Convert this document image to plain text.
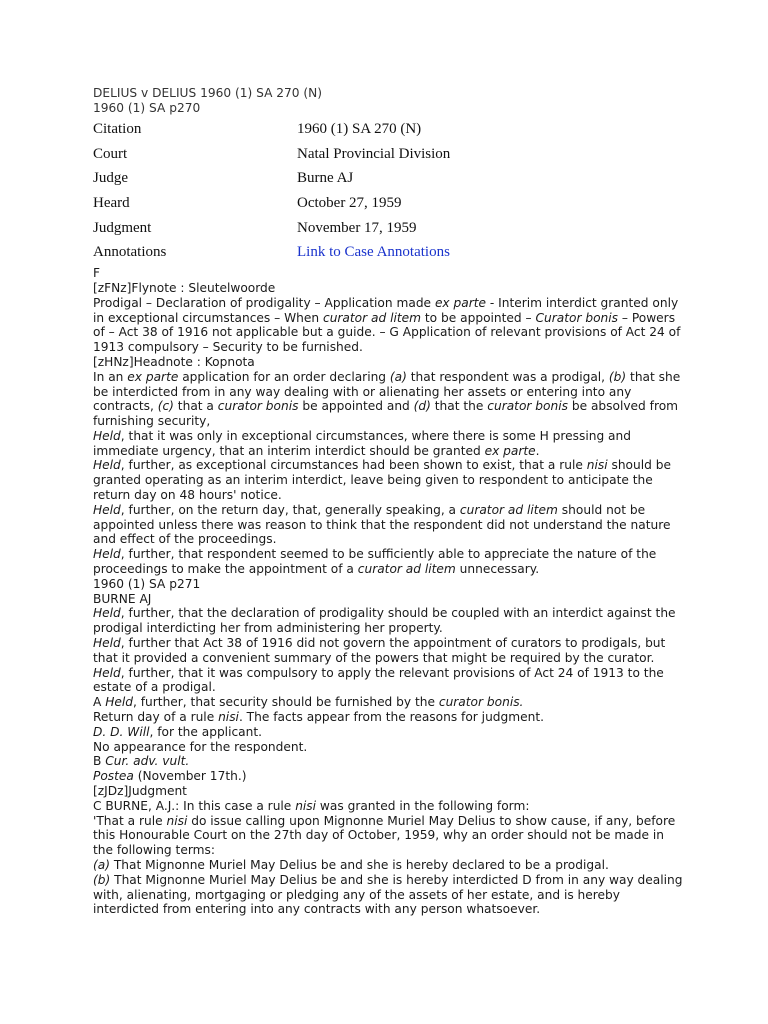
DELIUS v DELIUS 1960 (1) SA 270 (N)
1960 (1) SA p270
Citation	1960 (1) SA 270 (N)
Court	Natal Provincial Division
Judge	Burne AJ
Heard	October 27, 1959
Judgment	November 17, 1959
Annotations	Link to Case Annotations

F

[zFNz]Flynote : Sleutelwoorde

Prodigal – Declaration of prodigality – Application made ex parte - Interim interdict granted only in exceptional circumstances – When curator ad litem to be appointed – Curator bonis – Powers of – Act 38 of 1916 not applicable but a guide. – G Application of relevant provisions of Act 24 of 1913 compulsory – Security to be furnished.

[zHNz]Headnote : Kopnota

In an ex parte application for an order declaring (a) that respondent was a prodigal, (b) that she be interdicted from in any way dealing with or alienating her assets or entering into any contracts, (c) that a curator bonis be appointed and (d) that the curator bonis be absolved from furnishing security,

Held, that it was only in exceptional circumstances, where there is some H pressing and immediate urgency, that an interim interdict should be granted ex parte.

Held, further, as exceptional circumstances had been shown to exist, that a rule nisi should be granted operating as an interim interdict, leave being given to respondent to anticipate the return day on 48 hours' notice.

Held, further, on the return day, that, generally speaking, a curator ad litem should not be appointed unless there was reason to think that the respondent did not understand the nature and effect of the proceedings.

Held, further, that respondent seemed to be sufficiently able to appreciate the nature of the proceedings to make the appointment of a curator ad litem unnecessary.

1960 (1) SA p271

BURNE AJ

Held, further, that the declaration of prodigality should be coupled with an interdict against the prodigal interdicting her from administering her property.

Held, further that Act 38 of 1916 did not govern the appointment of curators to prodigals, but that it provided a convenient summary of the powers that might be required by the curator.

Held, further, that it was compulsory to apply the relevant provisions of Act 24 of 1913 to the estate of a prodigal.

A Held, further, that security should be furnished by the curator bonis.

Return day of a rule nisi. The facts appear from the reasons for judgment.

D. D. Will, for the applicant.

No appearance for the respondent.

B Cur. adv. vult.

Postea (November 17th.)

[zJDz]Judgment

C BURNE, A.J.: In this case a rule nisi was granted in the following form:

'That a rule nisi do issue calling upon Mignonne Muriel May Delius to show cause, if any, before this Honourable Court on the 27th day of October, 1959, why an order should not be made in the following terms:

(a) That Mignonne Muriel May Delius be and she is hereby declared to be a prodigal.

(b) That Mignonne Muriel May Delius be and she is hereby interdicted D from in any way dealing with, alienating, mortgaging or pledging any of the assets of her estate, and is hereby interdicted from entering into any contracts with any person whatsoever.
